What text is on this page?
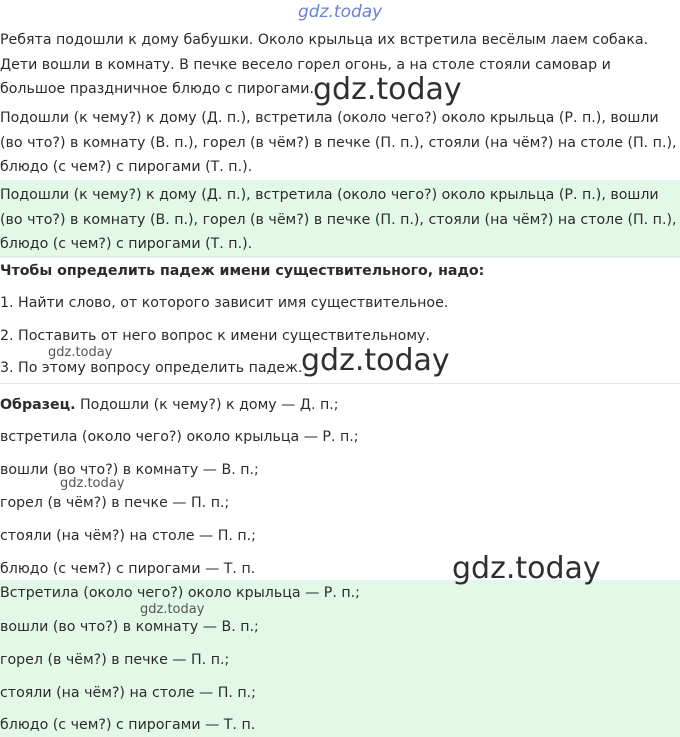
Ребята подошли к дому бабушки. Около крыльца их встретила весёлым лаем собака. Дети вошли в комнату. В печке весело горел огонь, а на столе стояли самовар и большое праздничное блюдо с пирогами.

Подошли (к чему?) к дому (Д. п.), встретила (около чего?) около крыльца (Р. п.), вошли (во что?) в комнату (В. п.), горел (в чём?) в печке (П. п.), стояли (на чём?) на столе (П. п.), блюдо (с чем?) с пирогами (Т. п.).

Подошли (к чему?) к дому (Д. п.), встретила (около чего?) около крыльца (Р. п.), вошли (во что?) в комнату (В. п.), горел (в чём?) в печке (П. п.), стояли (на чём?) на столе (П. п.), блюдо (с чем?) с пирогами (Т. п.).

Чтобы определить падеж имени существительного, надо:

1. Найти слово, от которого зависит имя существительное.

2. Поставить от него вопрос к имени существительному.

3. По этому вопросу определить падеж.

Образец. Подошли (к чему?) к дому — Д. п.;

встретила (около чего?) около крыльца — Р. п.;

вошли (во что?) в комнату — В. п.;

горел (в чём?) в печке — П. п.;

стояли (на чём?) на столе — П. п.;

блюдо (с чем?) с пирогами — Т. п.

Встретила (около чего?) около крыльца — Р. п.;

вошли (во что?) в комнату — В. п.;

горел (в чём?) в печке — П. п.;

стояли (на чём?) на столе — П. п.;

блюдо (с чем?) с пирогами — Т. п.

gdz.today
gdz.today
gdz.today	gdz.today
gdz.today
gdz.today
gdz.today
